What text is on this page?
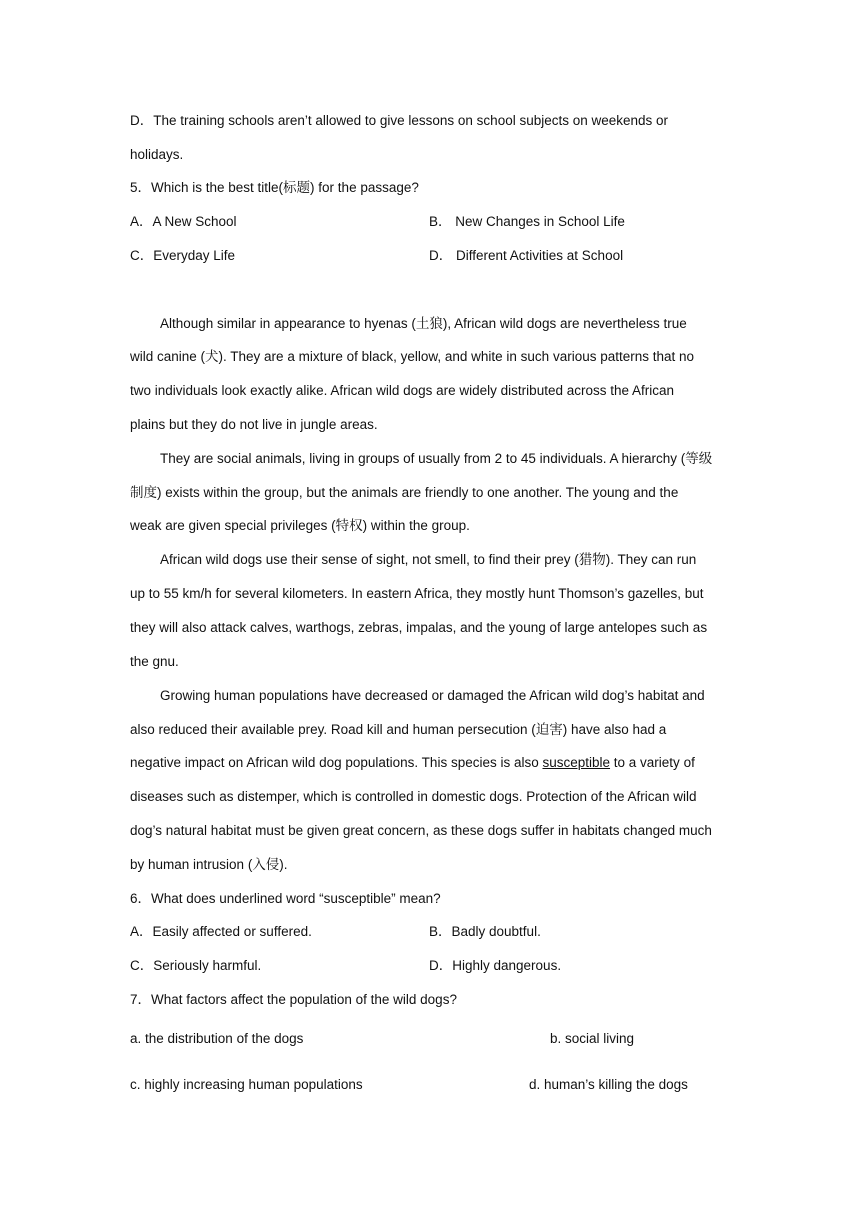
D．The training schools aren’t allowed to give lessons on school subjects on weekends or
holidays.
5．Which is the best title(标题) for the passage?
A．A New School	B． New Changes in School Life
C．Everyday Life	D． Different Activities at School
Although similar in appearance to hyenas (土狼), African wild dogs are nevertheless true
wild canine (犬). They are a mixture of black, yellow, and white in such various patterns that no
two individuals look exactly alike. African wild dogs are widely distributed across the African
plains but they do not live in jungle areas.
They are social animals, living in groups of usually from 2 to 45 individuals. A hierarchy (等级
制度) exists within the group, but the animals are friendly to one another. The young and the
weak are given special privileges (特权) within the group.
African wild dogs use their sense of sight, not smell, to find their prey (猎物). They can run
up to 55 km/h for several kilometers. In eastern Africa, they mostly hunt Thomson’s gazelles, but
they will also attack calves, warthogs, zebras, impalas, and the young of large antelopes such as
the gnu.
Growing human populations have decreased or damaged the African wild dog’s habitat and
also reduced their available prey. Road kill and human persecution (迫害) have also had a
negative impact on African wild dog populations. This species is also susceptible to a variety of
diseases such as distemper, which is controlled in domestic dogs. Protection of the African wild
dog’s natural habitat must be given great concern, as these dogs suffer in habitats changed much
by human intrusion (入侵).
6．What does underlined word “susceptible” mean?
A．Easily affected or suffered.	B．Badly doubtful.
C．Seriously harmful.	D．Highly dangerous.
7．What factors affect the population of the wild dogs?
a. the distribution of the dogs	b. social living
c. highly increasing human populations	d. human’s killing the dogs
